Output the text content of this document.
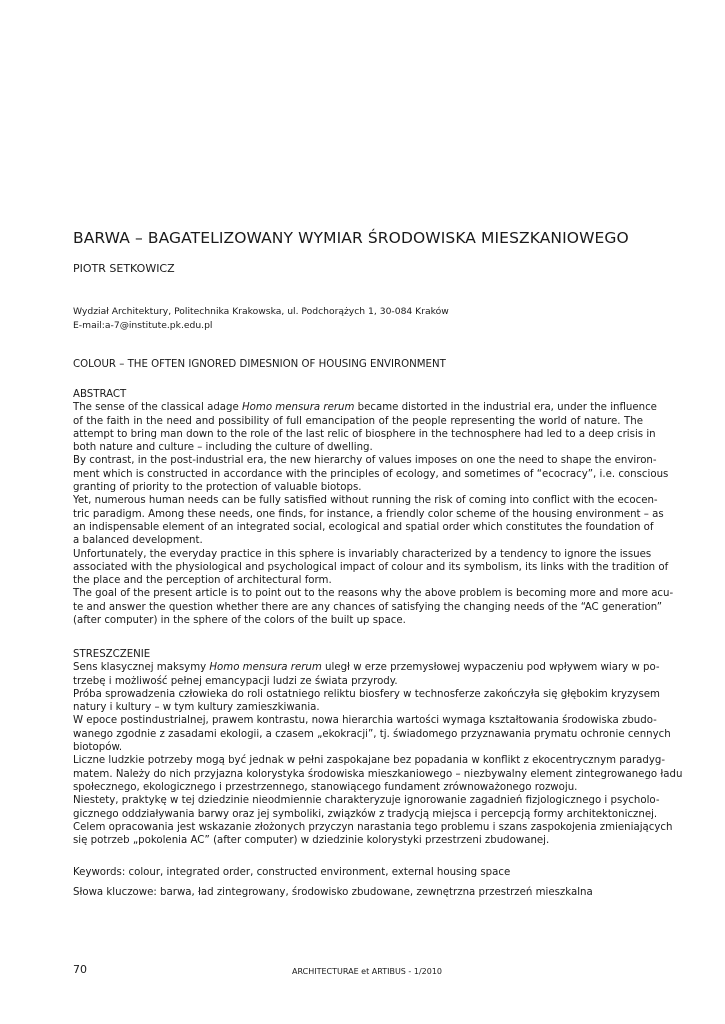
BARWA – BAGATELIZOWANY WYMIAR ŚRODOWISKA MIESZKANIOWEGO
PIOTR SETKOWICZ
Wydział Architektury, Politechnika Krakowska, ul. Podchorążych 1, 30-084 Kraków
E-mail:a-7@institute.pk.edu.pl
COLOUR – THE OFTEN IGNORED DIMESNION OF HOUSING ENVIRONMENT
ABSTRACT
The sense of the classical adage Homo mensura rerum became distorted in the industrial era, under the influence
of the faith in the need and possibility of full emancipation of the people representing the world of nature. The
attempt to bring man down to the role of the last relic of biosphere in the technosphere had led to a deep crisis in
both nature and culture – including the culture of dwelling.
By contrast, in the post-industrial era, the new hierarchy of values imposes on one the need to shape the environ-
ment which is constructed in accordance with the principles of ecology, and sometimes of “ecocracy”, i.e. conscious
granting of priority to the protection of valuable biotops.
Yet, numerous human needs can be fully satisfied without running the risk of coming into conflict with the ecocen-
tric paradigm. Among these needs, one finds, for instance, a friendly color scheme of the housing environment – as
an indispensable element of an integrated social, ecological and spatial order which constitutes the foundation of
a balanced development.
Unfortunately, the everyday practice in this sphere is invariably characterized by a tendency to ignore the issues
associated with the physiological and psychological impact of colour and its symbolism, its links with the tradition of
the place and the perception of architectural form.
The goal of the present article is to point out to the reasons why the above problem is becoming more and more acu-
te and answer the question whether there are any chances of satisfying the changing needs of the “AC generation”
(after computer) in the sphere of the colors of the built up space.
STRESZCZENIE
Sens klasycznej maksymy Homo mensura rerum uległ w erze przemysłowej wypaczeniu pod wpływem wiary w po-
trzebę i możliwość pełnej emancypacji ludzi ze świata przyrody.
Próba sprowadzenia człowieka do roli ostatniego reliktu biosfery w technosferze zakończyła się głębokim kryzysem
natury i kultury – w tym kultury zamieszkiwania.
W epoce postindustrialnej, prawem kontrastu, nowa hierarchia wartości wymaga kształtowania środowiska zbudo-
wanego zgodnie z zasadami ekologii, a czasem „ekokracji”, tj. świadomego przyznawania prymatu ochronie cennych
biotopów.
Liczne ludzkie potrzeby mogą być jednak w pełni zaspokajane bez popadania w konflikt z ekocentrycznym paradyg-
matem. Należy do nich przyjazna kolorystyka środowiska mieszkaniowego – niezbywalny element zintegrowanego ładu
społecznego, ekologicznego i przestrzennego, stanowiącego fundament zrównoważonego rozwoju.
Niestety, praktykę w tej dziedzinie nieodmiennie charakteryzuje ignorowanie zagadnień fizjologicznego i psycholo-
gicznego oddziaływania barwy oraz jej symboliki, związków z tradycją miejsca i percepcją formy architektonicznej.
Celem opracowania jest wskazanie złożonych przyczyn narastania tego problemu i szans zaspokojenia zmieniających
się potrzeb „pokolenia AC” (after computer) w dziedzinie kolorystyki przestrzeni zbudowanej.
Keywords: colour, integrated order, constructed environment, external housing space
Słowa kluczowe: barwa, ład zintegrowany, środowisko zbudowane, zewnętrzna przestrzeń mieszkalna
70	ARCHITECTURAE et ARTIBUS - 1/2010
